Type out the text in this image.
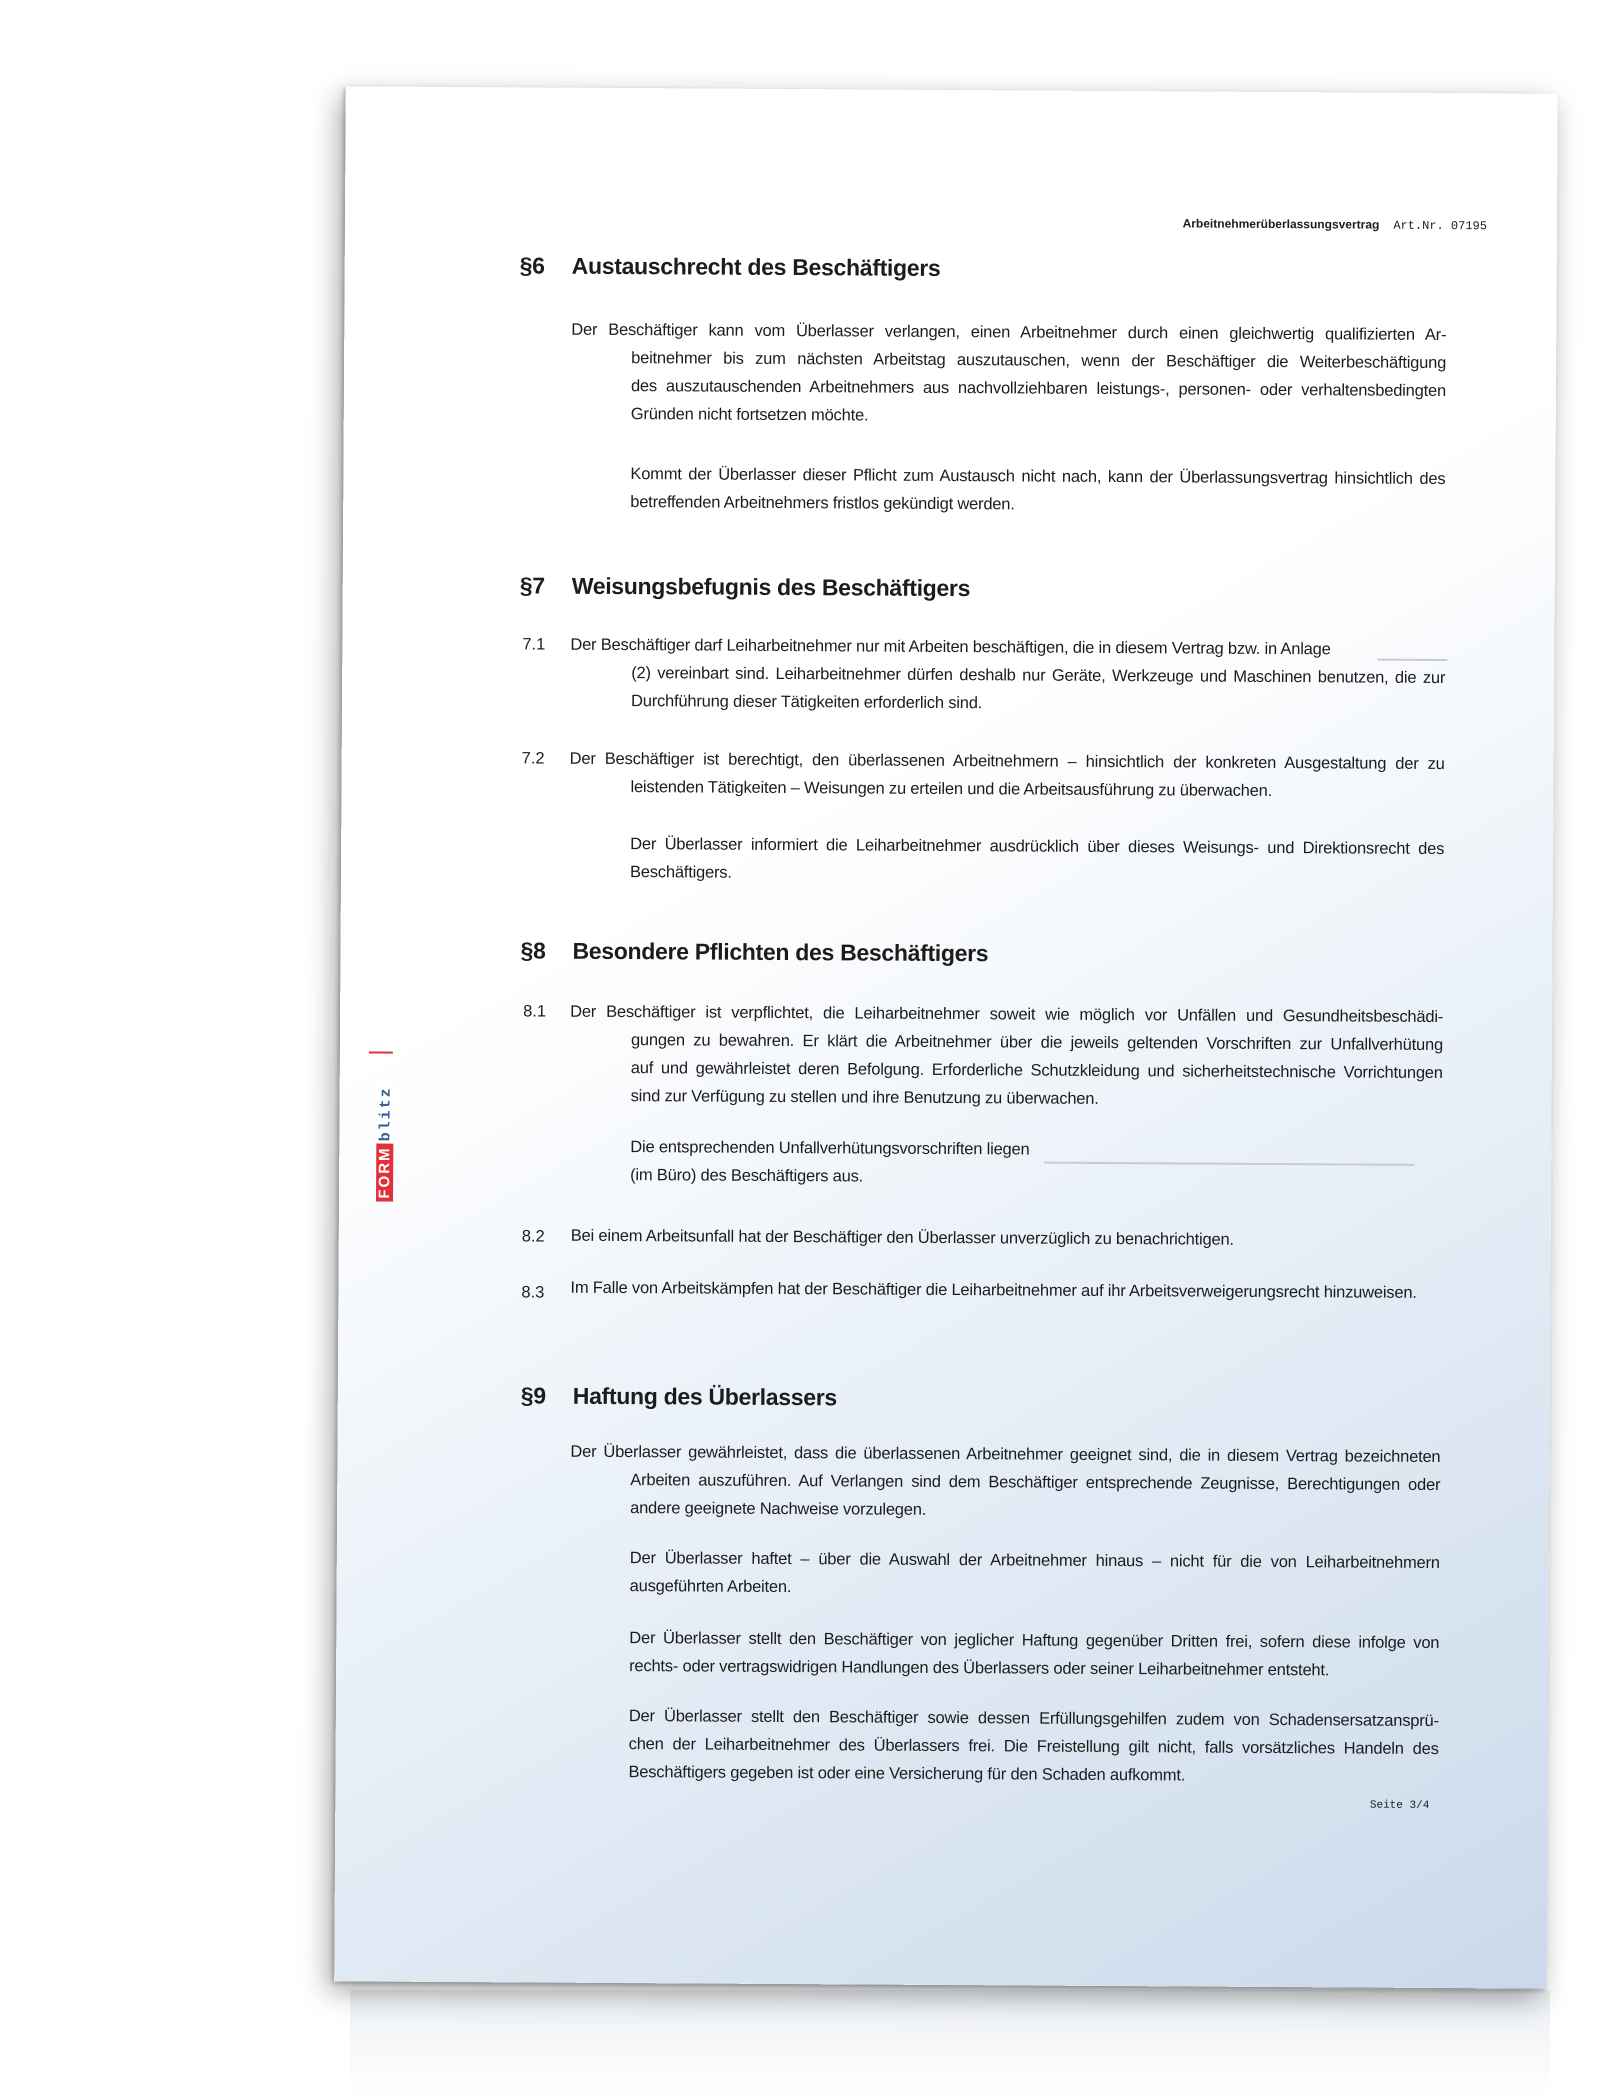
Arbeitnehmerüberlassungsvertrag Art.Nr. 07195
FORMblitz
§6 Austauschrecht des Beschäftigers
Der Beschäftiger kann vom Überlasser verlangen, einen Arbeitnehmer durch einen gleichwertig qualifizierten Ar-
beitnehmer bis zum nächsten Arbeitstag auszutauschen, wenn der Beschäftiger die Weiterbeschäftigung
des auszutauschenden Arbeitnehmers aus nachvollziehbaren leistungs-, personen- oder verhaltensbedingten
Gründen nicht fortsetzen möchte.
Kommt der Überlasser dieser Pflicht zum Austausch nicht nach, kann der Überlassungsvertrag hinsichtlich des
betreffenden Arbeitnehmers fristlos gekündigt werden.
§7 Weisungsbefugnis des Beschäftigers
7.1 Der Beschäftiger darf Leiharbeitnehmer nur mit Arbeiten beschäftigen, die in diesem Vertrag bzw. in Anlage
(2) vereinbart sind. Leiharbeitnehmer dürfen deshalb nur Geräte, Werkzeuge und Maschinen benutzen, die zur
Durchführung dieser Tätigkeiten erforderlich sind.
7.2 Der Beschäftiger ist berechtigt, den überlassenen Arbeitnehmern – hinsichtlich der konkreten Ausgestaltung der zu
leistenden Tätigkeiten – Weisungen zu erteilen und die Arbeitsausführung zu überwachen.
Der Überlasser informiert die Leiharbeitnehmer ausdrücklich über dieses Weisungs- und Direktionsrecht des
Beschäftigers.
§8 Besondere Pflichten des Beschäftigers
8.1 Der Beschäftiger ist verpflichtet, die Leiharbeitnehmer soweit wie möglich vor Unfällen und Gesundheitsbeschädi-
gungen zu bewahren. Er klärt die Arbeitnehmer über die jeweils geltenden Vorschriften zur Unfallverhütung
auf und gewährleistet deren Befolgung. Erforderliche Schutzkleidung und sicherheitstechnische Vorrichtungen
sind zur Verfügung zu stellen und ihre Benutzung zu überwachen.
Die entsprechenden Unfallverhütungsvorschriften liegen
(im Büro) des Beschäftigers aus.
8.2 Bei einem Arbeitsunfall hat der Beschäftiger den Überlasser unverzüglich zu benachrichtigen.
8.3 Im Falle von Arbeitskämpfen hat der Beschäftiger die Leiharbeitnehmer auf ihr Arbeitsverweigerungsrecht hinzuweisen.
§9 Haftung des Überlassers
Der Überlasser gewährleistet, dass die überlassenen Arbeitnehmer geeignet sind, die in diesem Vertrag bezeichneten
Arbeiten auszuführen. Auf Verlangen sind dem Beschäftiger entsprechende Zeugnisse, Berechtigungen oder
andere geeignete Nachweise vorzulegen.
Der Überlasser haftet – über die Auswahl der Arbeitnehmer hinaus – nicht für die von Leiharbeitnehmern
ausgeführten Arbeiten.
Der Überlasser stellt den Beschäftiger von jeglicher Haftung gegenüber Dritten frei, sofern diese infolge von
rechts- oder vertragswidrigen Handlungen des Überlassers oder seiner Leiharbeitnehmer entsteht.
Der Überlasser stellt den Beschäftiger sowie dessen Erfüllungsgehilfen zudem von Schadensersatzansprü-
chen der Leiharbeitnehmer des Überlassers frei. Die Freistellung gilt nicht, falls vorsätzliches Handeln des
Beschäftigers gegeben ist oder eine Versicherung für den Schaden aufkommt.
Seite 3/4
